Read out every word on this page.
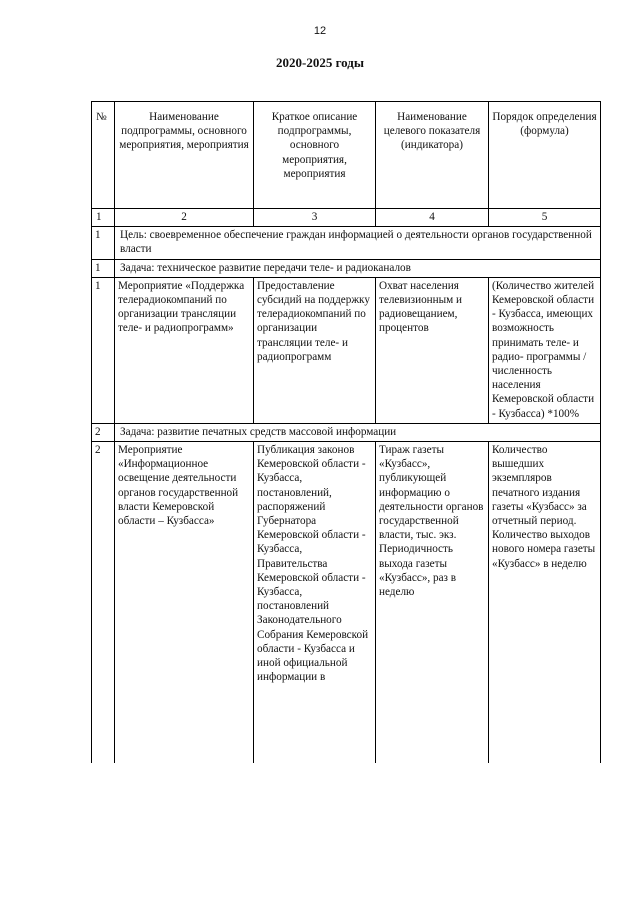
12
2020-2025 годы
№	Наименование подпрограммы, основного мероприятия, мероприятия	Краткое описание подпрограммы, основного мероприятия, мероприятия	Наименование целевого показателя (индикатора)	Порядок определения (формула)
1	2	3	4	5
1	Цель: своевременное обеспечение граждан информацией о деятельности органов государственной власти			
1	Задача: техническое развитие передачи теле- и радиоканалов			
1	Мероприятие «Поддержка телерадиокомпаний по организации трансляции теле- и радиопрограмм»	Предоставление субсидий на поддержку телерадиокомпаний по организации трансляции теле- и радиопрограмм	Охват населения телевизионным и радиовещанием, процентов	(Количество жителей Кемеровской области - Кузбасса, имеющих возможность принимать теле- и радио- программы / численность населения Кемеровской области - Кузбасса) *100%
2	Задача: развитие печатных средств массовой информации			
2	Мероприятие «Информационное освещение деятельности органов государственной власти Кемеровской области – Кузбасса»	Публикация законов Кемеровской области - Кузбасса, постановлений, распоряжений Губернатора Кемеровской области - Кузбасса, Правительства Кемеровской области - Кузбасса, постановлений Законодательного Собрания Кемеровской области - Кузбасса и иной официальной информации в	Тираж газеты «Кузбасс», публикующей информацию о деятельности органов государственной власти, тыс. экз. Периодичность выхода газеты «Кузбасс», раз в неделю	Количество вышедших экземпляров печатного издания газеты «Кузбасс» за отчетный период. Количество выходов нового номера газеты «Кузбасс» в неделю
